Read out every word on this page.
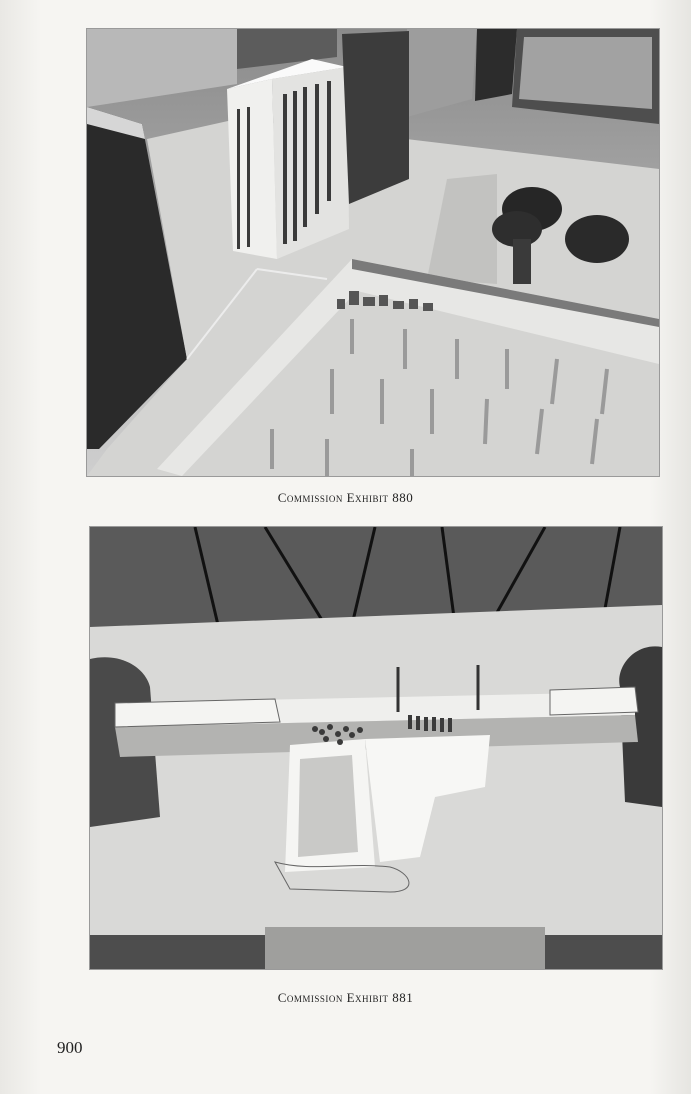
Commission Exhibit 880
Commission Exhibit 881
900
